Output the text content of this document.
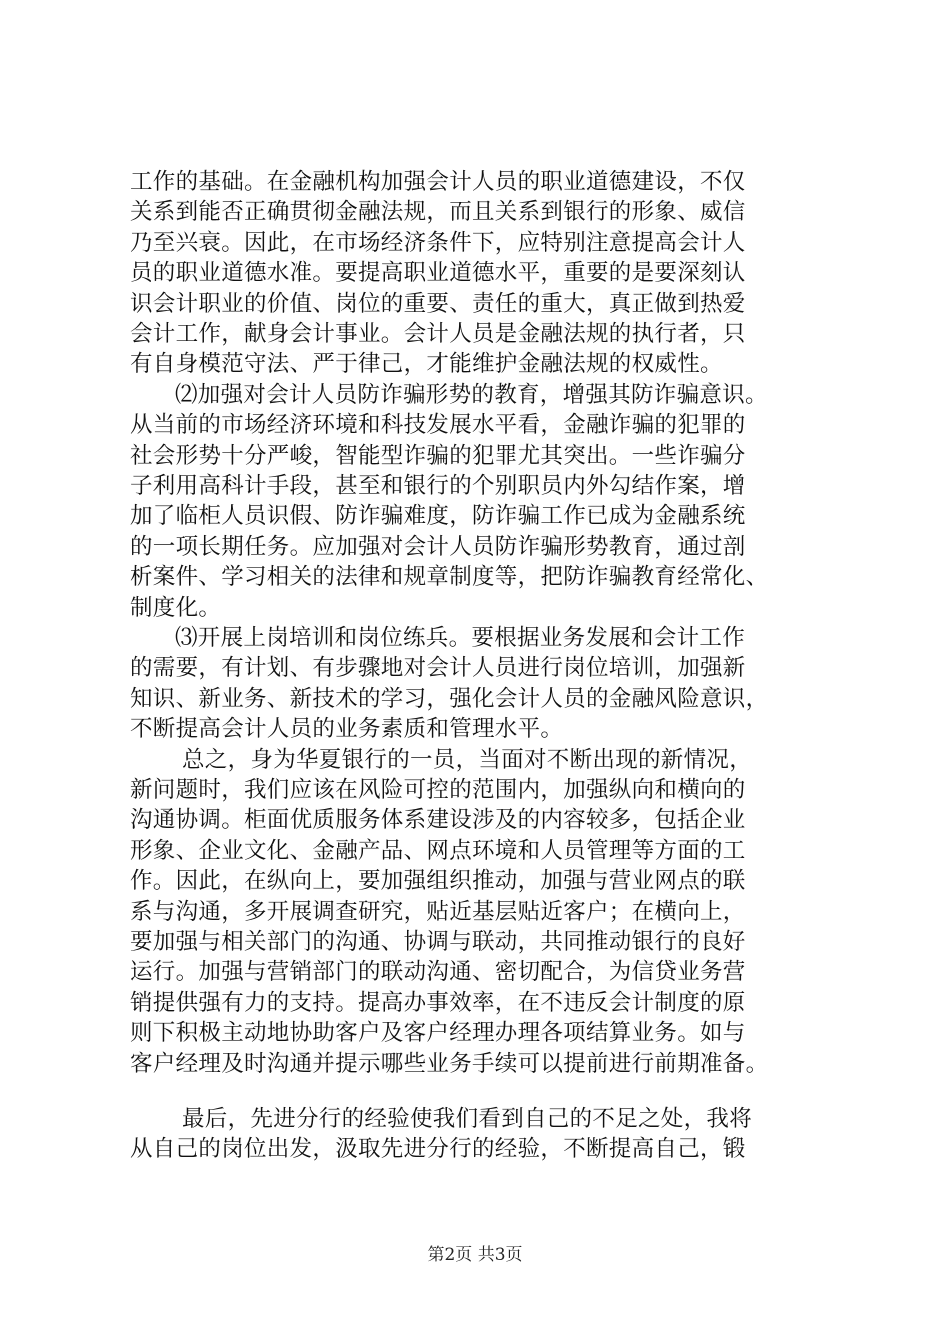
工作的基础。在金融机构加强会计人员的职业道德建设，不仅
关系到能否正确贯彻金融法规，而且关系到银行的形象、威信
乃至兴衰。因此，在市场经济条件下，应特别注意提高会计人
员的职业道德水准。要提高职业道德水平，重要的是要深刻认
识会计职业的价值、岗位的重要、责任的重大，真正做到热爱
会计工作，献身会计事业。会计人员是金融法规的执行者，只
有自身模范守法、严于律己，才能维护金融法规的权威性。
⑵加强对会计人员防诈骗形势的教育，增强其防诈骗意识。
从当前的市场经济环境和科技发展水平看，金融诈骗的犯罪的
社会形势十分严峻，智能型诈骗的犯罪尤其突出。一些诈骗分
子利用高科计手段，甚至和银行的个别职员内外勾结作案，增
加了临柜人员识假、防诈骗难度，防诈骗工作已成为金融系统
的一项长期任务。应加强对会计人员防诈骗形势教育，通过剖
析案件、学习相关的法律和规章制度等，把防诈骗教育经常化、
制度化。
⑶开展上岗培训和岗位练兵。要根据业务发展和会计工作
的需要，有计划、有步骤地对会计人员进行岗位培训，加强新
知识、新业务、新技术的学习，强化会计人员的金融风险意识，
不断提高会计人员的业务素质和管理水平。
总之，身为华夏银行的一员，当面对不断出现的新情况，
新问题时，我们应该在风险可控的范围内，加强纵向和横向的
沟通协调。柜面优质服务体系建设涉及的内容较多，包括企业
形象、企业文化、金融产品、网点环境和人员管理等方面的工
作。因此，在纵向上，要加强组织推动，加强与营业网点的联
系与沟通，多开展调查研究，贴近基层贴近客户；在横向上，
要加强与相关部门的沟通、协调与联动，共同推动银行的良好
运行。加强与营销部门的联动沟通、密切配合，为信贷业务营
销提供强有力的支持。提高办事效率，在不违反会计制度的原
则下积极主动地协助客户及客户经理办理各项结算业务。如与
客户经理及时沟通并提示哪些业务手续可以提前进行前期准备。
最后，先进分行的经验使我们看到自己的不足之处，我将
从自己的岗位出发，汲取先进分行的经验，不断提高自己，锻
第2页 共3页
